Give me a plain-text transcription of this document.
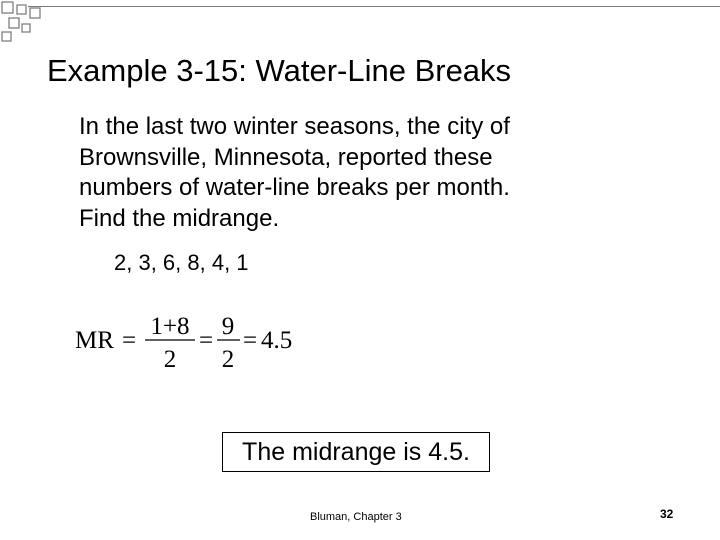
Example 3-15: Water-Line Breaks
In the last two winter seasons, the city of
Brownsville, Minnesota, reported these
numbers of water-line breaks per month.
Find the midrange.
2, 3, 6, 8, 4, 1
MR =
1+8
2
=
9
2
= 4.5
The midrange is 4.5.
Bluman, Chapter 3	32
